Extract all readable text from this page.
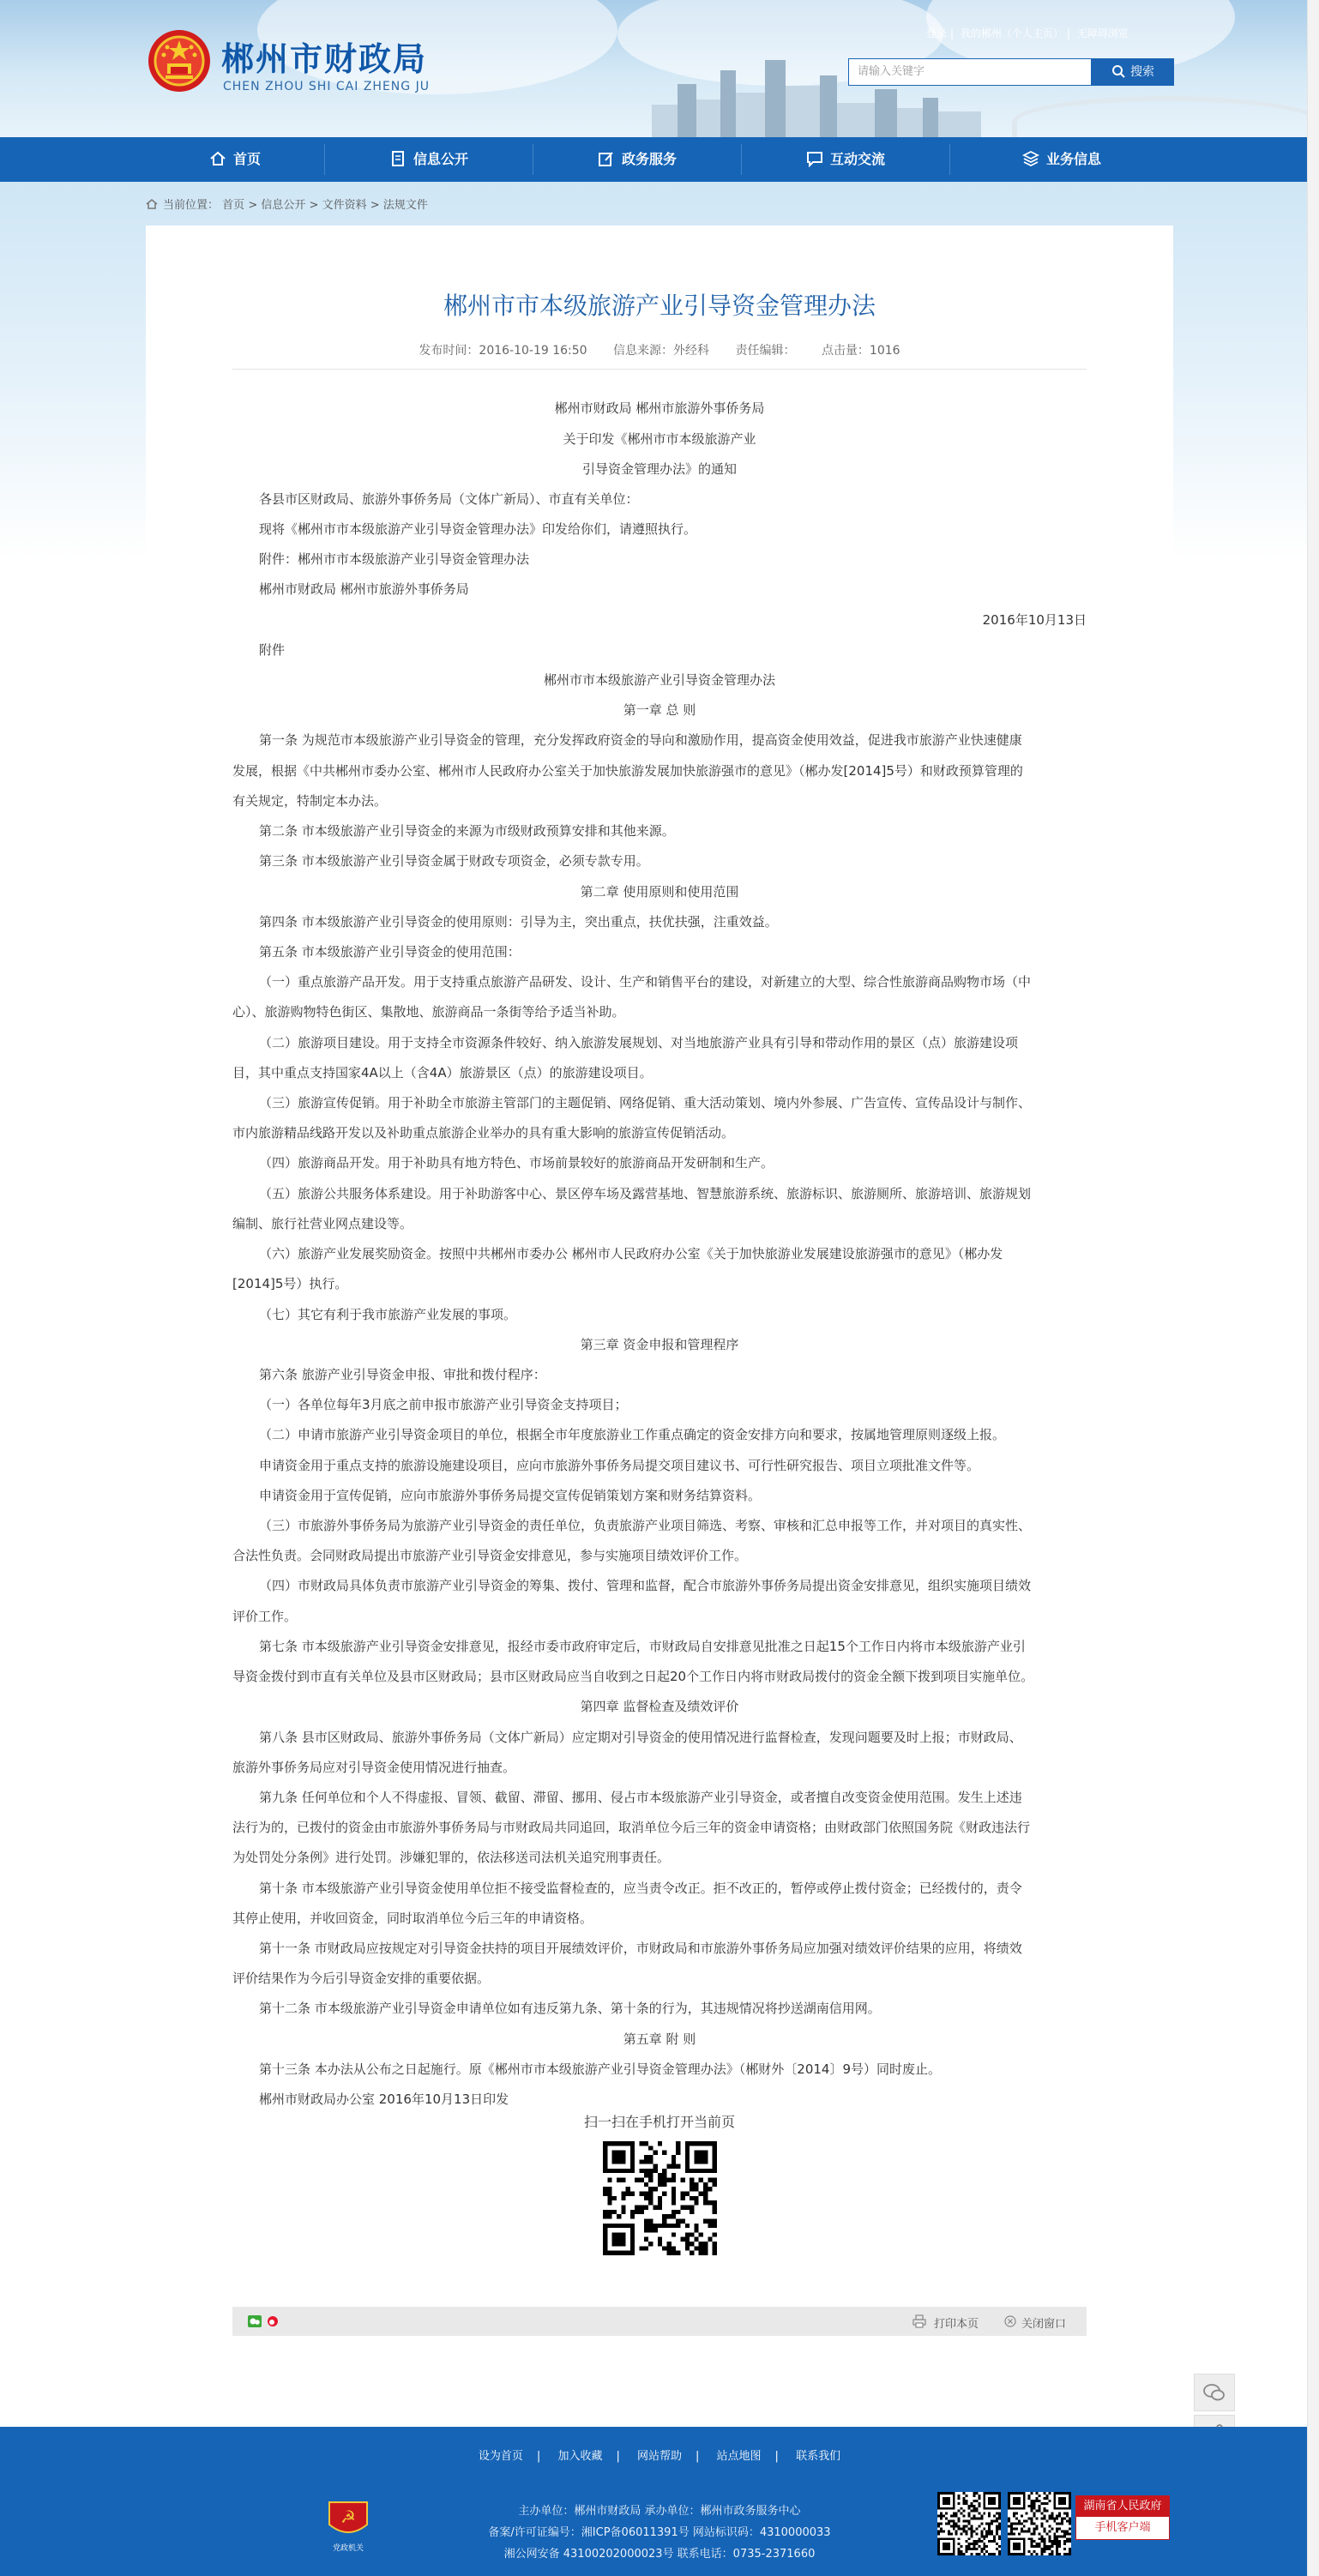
郴州市财政局
CHEN ZHOU SHI CAI ZHENG JU
登录 | 我的郴州（个人主页） | 无障碍浏览
请输入关键字	搜索
首页	信息公开	政务服务	互动交流	业务信息
当前位置： 首页 > 信息公开 > 文件资料 > 法规文件
郴州市市本级旅游产业引导资金管理办法
发布时间：2016-10-19 16:50 信息来源：外经科 责任编辑： 点击量：1016
郴州市财政局 郴州市旅游外事侨务局
关于印发《郴州市市本级旅游产业
引导资金管理办法》的通知
各县市区财政局、旅游外事侨务局（文体广新局）、市直有关单位：
现将《郴州市市本级旅游产业引导资金管理办法》印发给你们，请遵照执行。
附件：郴州市市本级旅游产业引导资金管理办法
郴州市财政局 郴州市旅游外事侨务局
2016年10月13日
附件
郴州市市本级旅游产业引导资金管理办法
第一章 总 则
第一条 为规范市本级旅游产业引导资金的管理，充分发挥政府资金的导向和激励作用，提高资金使用效益，促进我市旅游产业快速健康
发展，根据《中共郴州市委办公室、郴州市人民政府办公室关于加快旅游发展加快旅游强市的意见》（郴办发[2014]5号）和财政预算管理的
有关规定，特制定本办法。
第二条 市本级旅游产业引导资金的来源为市级财政预算安排和其他来源。
第三条 市本级旅游产业引导资金属于财政专项资金，必须专款专用。
第二章 使用原则和使用范围
第四条 市本级旅游产业引导资金的使用原则：引导为主，突出重点，扶优扶强，注重效益。
第五条 市本级旅游产业引导资金的使用范围：
（一）重点旅游产品开发。用于支持重点旅游产品研发、设计、生产和销售平台的建设，对新建立的大型、综合性旅游商品购物市场（中
心）、旅游购物特色街区、集散地、旅游商品一条街等给予适当补助。
（二）旅游项目建设。用于支持全市资源条件较好、纳入旅游发展规划、对当地旅游产业具有引导和带动作用的景区（点）旅游建设项
目，其中重点支持国家4A以上（含4A）旅游景区（点）的旅游建设项目。
（三）旅游宣传促销。用于补助全市旅游主管部门的主题促销、网络促销、重大活动策划、境内外参展、广告宣传、宣传品设计与制作、
市内旅游精品线路开发以及补助重点旅游企业举办的具有重大影响的旅游宣传促销活动。
（四）旅游商品开发。用于补助具有地方特色、市场前景较好的旅游商品开发研制和生产。
（五）旅游公共服务体系建设。用于补助游客中心、景区停车场及露营基地、智慧旅游系统、旅游标识、旅游厕所、旅游培训、旅游规划
编制、旅行社营业网点建设等。
（六）旅游产业发展奖励资金。按照中共郴州市委办公 郴州市人民政府办公室《关于加快旅游业发展建设旅游强市的意见》（郴办发
[2014]5号）执行。
（七）其它有利于我市旅游产业发展的事项。
第三章 资金申报和管理程序
第六条 旅游产业引导资金申报、审批和拨付程序：
（一）各单位每年3月底之前申报市旅游产业引导资金支持项目；
（二）申请市旅游产业引导资金项目的单位，根据全市年度旅游业工作重点确定的资金安排方向和要求，按属地管理原则逐级上报。
申请资金用于重点支持的旅游设施建设项目，应向市旅游外事侨务局提交项目建议书、可行性研究报告、项目立项批准文件等。
申请资金用于宣传促销，应向市旅游外事侨务局提交宣传促销策划方案和财务结算资料。
（三）市旅游外事侨务局为旅游产业引导资金的责任单位，负责旅游产业项目筛选、考察、审核和汇总申报等工作，并对项目的真实性、
合法性负责。会同财政局提出市旅游产业引导资金安排意见，参与实施项目绩效评价工作。
（四）市财政局具体负责市旅游产业引导资金的筹集、拨付、管理和监督，配合市旅游外事侨务局提出资金安排意见，组织实施项目绩效
评价工作。
第七条 市本级旅游产业引导资金安排意见，报经市委市政府审定后，市财政局自安排意见批准之日起15个工作日内将市本级旅游产业引
导资金拨付到市直有关单位及县市区财政局；县市区财政局应当自收到之日起20个工作日内将市财政局拨付的资金全额下拨到项目实施单位。
第四章 监督检查及绩效评价
第八条 县市区财政局、旅游外事侨务局（文体广新局）应定期对引导资金的使用情况进行监督检查，发现问题要及时上报；市财政局、
旅游外事侨务局应对引导资金使用情况进行抽查。
第九条 任何单位和个人不得虚报、冒领、截留、滞留、挪用、侵占市本级旅游产业引导资金，或者擅自改变资金使用范围。发生上述违
法行为的，已拨付的资金由市旅游外事侨务局与市财政局共同追回，取消单位今后三年的资金申请资格；由财政部门依照国务院《财政违法行
为处罚处分条例》进行处罚。涉嫌犯罪的，依法移送司法机关追究刑事责任。
第十条 市本级旅游产业引导资金使用单位拒不接受监督检查的，应当责令改正。拒不改正的，暂停或停止拨付资金；已经拨付的，责令
其停止使用，并收回资金，同时取消单位今后三年的申请资格。
第十一条 市财政局应按规定对引导资金扶持的项目开展绩效评价，市财政局和市旅游外事侨务局应加强对绩效评价结果的应用，将绩效
评价结果作为今后引导资金安排的重要依据。
第十二条 市本级旅游产业引导资金申请单位如有违反第九条、第十条的行为，其违规情况将抄送湖南信用网。
第五章 附 则
第十三条 本办法从公布之日起施行。原《郴州市市本级旅游产业引导资金管理办法》（郴财外〔2014〕9号）同时废止。
郴州市财政局办公室 2016年10月13日印发
扫一扫在手机打开当前页
打印本页	关闭窗口
设为首页 | 加入收藏 | 网站帮助 | 站点地图 | 联系我们
☭
党政机关
主办单位：郴州市财政局 承办单位：郴州市政务服务中心
备案/许可证编号：湘ICP备06011391号 网站标识码：4310000033
湘公网安备 43100202000023号 联系电话：0735-2371660
湖南省人民政府
手机客户端
